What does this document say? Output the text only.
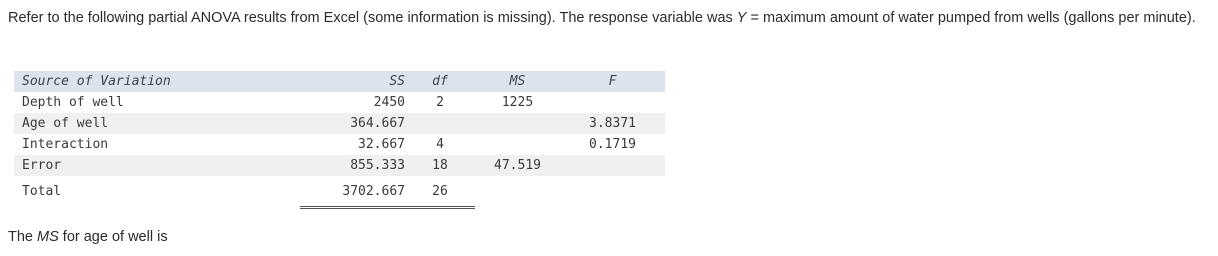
Refer to the following partial ANOVA results from Excel (some information is missing). The response variable was Y = maximum amount of water pumped from wells (gallons per minute).
Source of Variation	SS	df	MS	F
Depth of well	2450	2	1225	
Age of well	364.667			3.8371
Interaction	32.667	4		0.1719
Error	855.333	18	47.519	
Total	3702.667	26		
The MS for age of well is
